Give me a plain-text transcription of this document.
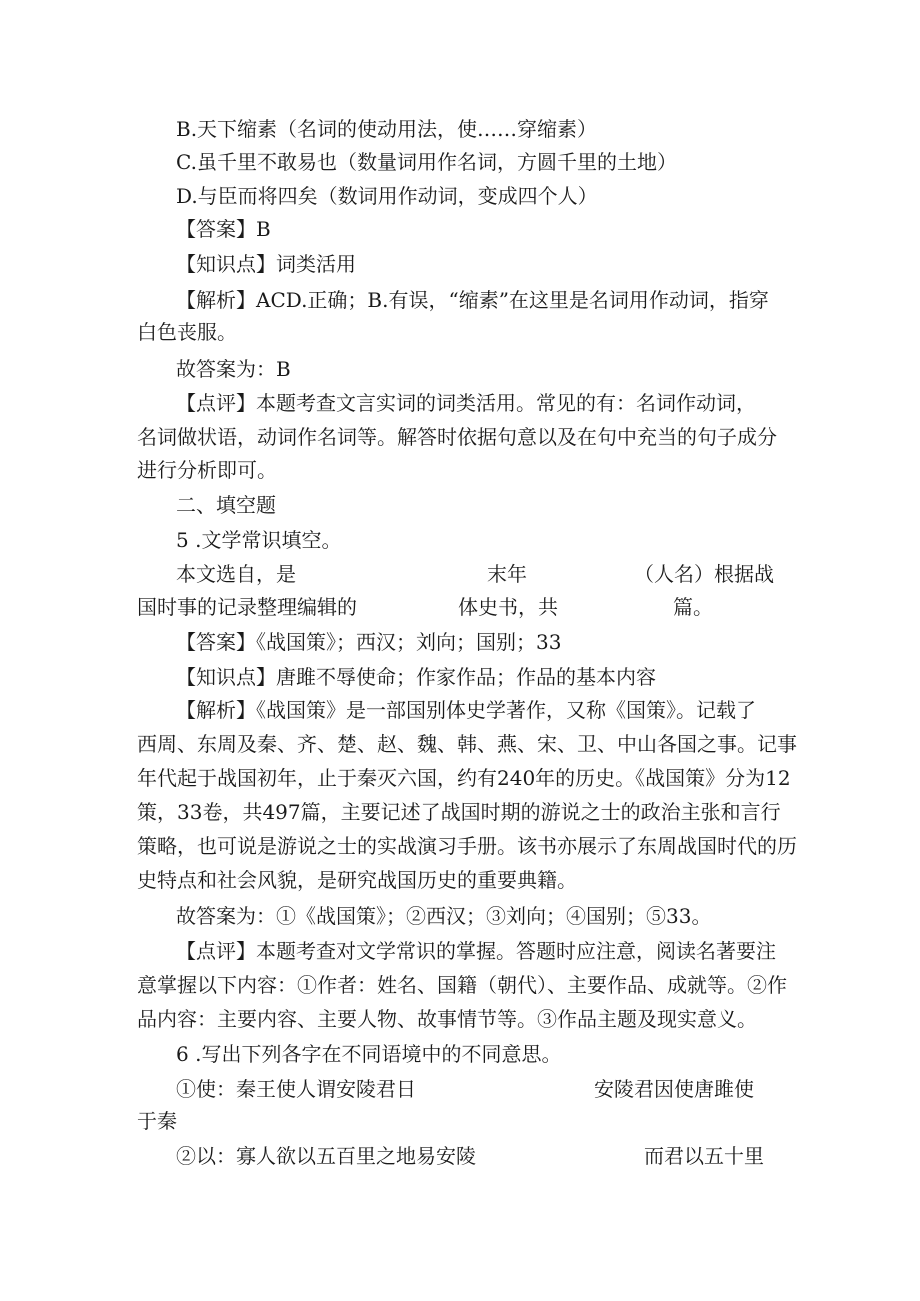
B.天下缩素（名词的使动用法，使……穿缩素）
C.虽千里不敢易也（数量词用作名词，方圆千里的土地）
D.与臣而将四矣（数词用作动词，变成四个人）
【答案】B
【知识点】词类活用
【解析】ACD.正确；B.有误，“缩素”在这里是名词用作动词，指穿
白色丧服。
故答案为：B
【点评】本题考查文言实词的词类活用。常见的有：名词作动词，
名词做状语，动词作名词等。解答时依据句意以及在句中充当的句子成分
进行分析即可。
二、填空题
5 .文学常识填空。
本文选自，是	末年	（人名）根据战
国时事的记录整理编辑的	体史书，共	篇。
【答案】《战国策》；西汉；刘向；国别；33
【知识点】唐雎不辱使命；作家作品；作品的基本内容
【解析】《战国策》是一部国别体史学著作，又称《国策》。记载了
西周、东周及秦、齐、楚、赵、魏、韩、燕、宋、卫、中山各国之事。记事
年代起于战国初年，止于秦灭六国，约有240年的历史。《战国策》分为12
策，33卷，共497篇，主要记述了战国时期的游说之士的政治主张和言行
策略，也可说是游说之士的实战演习手册。该书亦展示了东周战国时代的历
史特点和社会风貌，是研究战国历史的重要典籍。
故答案为：①《战国策》；②西汉；③刘向；④国别；⑤33。
【点评】本题考查对文学常识的掌握。答题时应注意，阅读名著要注
意掌握以下内容：①作者：姓名、国籍（朝代）、主要作品、成就等。②作
品内容：主要内容、主要人物、故事情节等。③作品主题及现实意义。
6 .写出下列各字在不同语境中的不同意思。
①使：秦王使人谓安陵君日	安陵君因使唐雎使
于秦
②以：寡人欲以五百里之地易安陵	而君以五十里
